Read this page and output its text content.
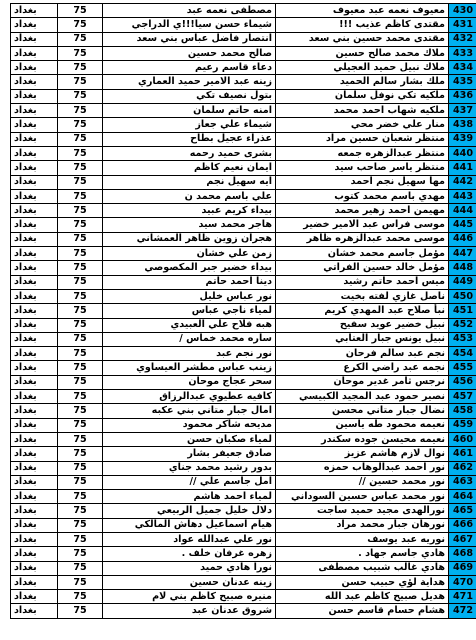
بغداد	75	مصطفى نعمه عبد	معيوف نعمه عبد معيوف	430
بغداد	75	شيماء حسن سيا!!!ي الدراجي	مقتدى كاظم عذيب !!!	431
بغداد	75	انتصار فاضل عباس بني سعد	مقتدى محمد حسين بني سعد	432
بغداد	75	صالح محمد حسين	ملاك محمد صالح حسين	433
بغداد	75	دعاء قاسم رعيم	ملاك نبيل حميد العجيلي	434
بغداد	75	زينه عبد الامير حميد العماري	ملك بشار سالم الحميد	435
بغداد	75	بتول نصيف تكي	ملكيه تكي نوفل سلمان	436
بغداد	75	امنه حاتم سلمان	ملكيه شهاب احمد محمد	437
بغداد	75	شيماء علي جعاز	منار علي خضر محي	438
بغداد	75	عذراء عجيل بطاح	منتظر شعبان حسين مراد	439
بغداد	75	بشرى حميد رحمه	منتظر عبدالزهره جمعه	440
بغداد	75	ايمان نعيم كاظم	منتظر ياسر صاحب سيد	441
بغداد	75	ايه سهيل نجم	مها سهيل نجم احمد	442
بغداد	75	علي باسم محمد ن	مهدي باسم محمد كتوب	443
بغداد	75	بيداء كريم عبيد	مهيمن احمد زهير محمد	444
بغداد	75	هاجر محمد سيد	موسى فراس عبد الامير خضير	445
بغداد	75	هجران زوين ظاهر العمشاني	موسى محمد عبدالزهره ظاهر	446
بغداد	75	زمن علي خشان	مؤمل جاسم محمد خشان	447
بغداد	75	بيداء خضير جبر المكصوصي	مؤمل خالد حسين الفراتي	448
بغداد	75	دينا احمد حاتم	ميس احمد حاتم رشيد	449
بغداد	75	نور عباس خليل	ناصل غازي لفته بخيت	450
بغداد	75	لمياء ناجي عباس	نبأ صلاح عبد المهدي كريم	451
بغداد	75	هبه فلاح علي العبيدي	نبيل خضير عويد سفيح	452
بغداد	75	ساره محمد خماس /	نبيل يونس جبار العتابي	453
بغداد	75	نور نجم عبد	نجم عبد سالم فرحان	454
بغداد	75	زينب عباس مطشر العيساوي	نجمه عبد راضي الكرع	455
بغداد	75	سحر عجاج موحان	نرجس ثامر غدير موحان	456
بغداد	75	كافيه عطيوي عبدالرزاق	نصير حمود عبد المجيد الكبيسي	457
بغداد	75	امال جبار متاني بني عكبه	نضال جبار متاني محسن	458
بغداد	75	مديحه شاكر محمود	نعيمه محمود طه ياسين	459
بغداد	75	لمياء صكبان حسن	نعيمه محيسن جوده سكندر	460
بغداد	75	صادق جعيفر بشار	نوال لازم هاشم عزيز	461
بغداد	75	بدور رشيد محمد جناي	نور احمد عبدالوهاب حمزه	462
بغداد	75	امل جاسم علي //	نور محمد حسين //	463
بغداد	75	لمياء احمد هاشم	نور محمد عباس حسين السوداني	464
بغداد	75	دلال خليل جميل الربيعي	نورالهدى مجيد حميد ساجت	465
بغداد	75	هيام اسماعيل دهاش المالكي	نورهان جبار محمد مراد	466
بغداد	75	نور علي عبدالله عواد	نوريه عبد يوسف	467
بغداد	75	زهره غرفان خلف .	هادي جاسم جهاد .	468
بغداد	75	نورا هادي حميد	هادي غالب شبيب مصطفى	469
بغداد	75	زينه عدنان حسين	هداية لؤي حبيب حسن	470
بغداد	75	منيره صبيح كاظم بني لام	هديل صبيح كاظم عبد الله	471
بغداد	75	شروق عدنان عبد	هشام حسام قاسم حسن	472
